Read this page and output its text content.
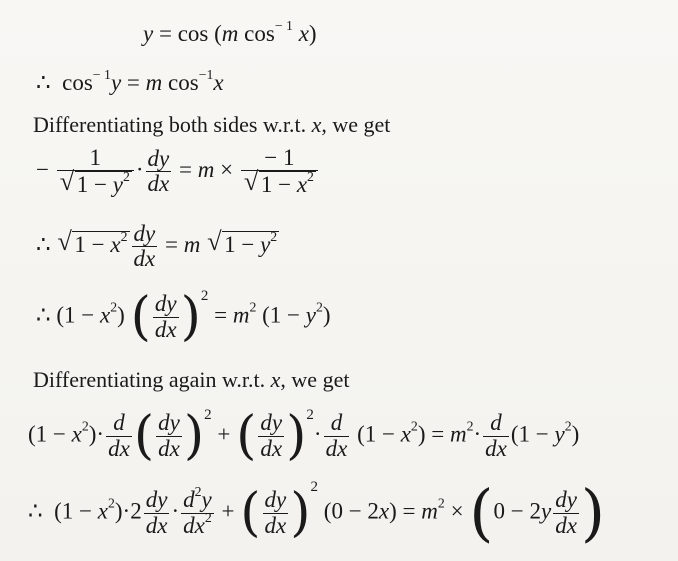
y = cos (m $\cos^{- 1} x$)
∴  $\cos^{- 1}y = m$ $\cos^{-1}x$
Differentiating both sides w.r.t. x, we get
− 1
√ $1 - y^2 \cdot \frac{dy}{dx} = m$ × − 1
√ $1 - x^2$
∴ √ $1 - x^2 \frac{dy}{dx} = m$ √ $1 - y^2$
∴ $(1 - x^2)$ ( $\frac{dy}{dx} )2 = m^2$ $(1 - y^2)$
Differentiating again w.r.t. x, we get
$(1 - x^2)\cdot \frac{d}{dx}$ ( $\frac{dy}{dx} )2$ + ( $\frac{dy}{dx} )2\cdot \frac{d}{dx} (1 - x^2) = m^2\cdot \frac{d}{dx} (1 - y^2)$
∴  $(1 - x^2)\cdot 2 \frac{dy}{dx} \cdot \frac{d^2y}{dx^2}$ + ( $\frac{dy}{dx} )2$ $(0 - 2x) = m^2 \times (0 - 2y \frac{dy}{dx}$ )
